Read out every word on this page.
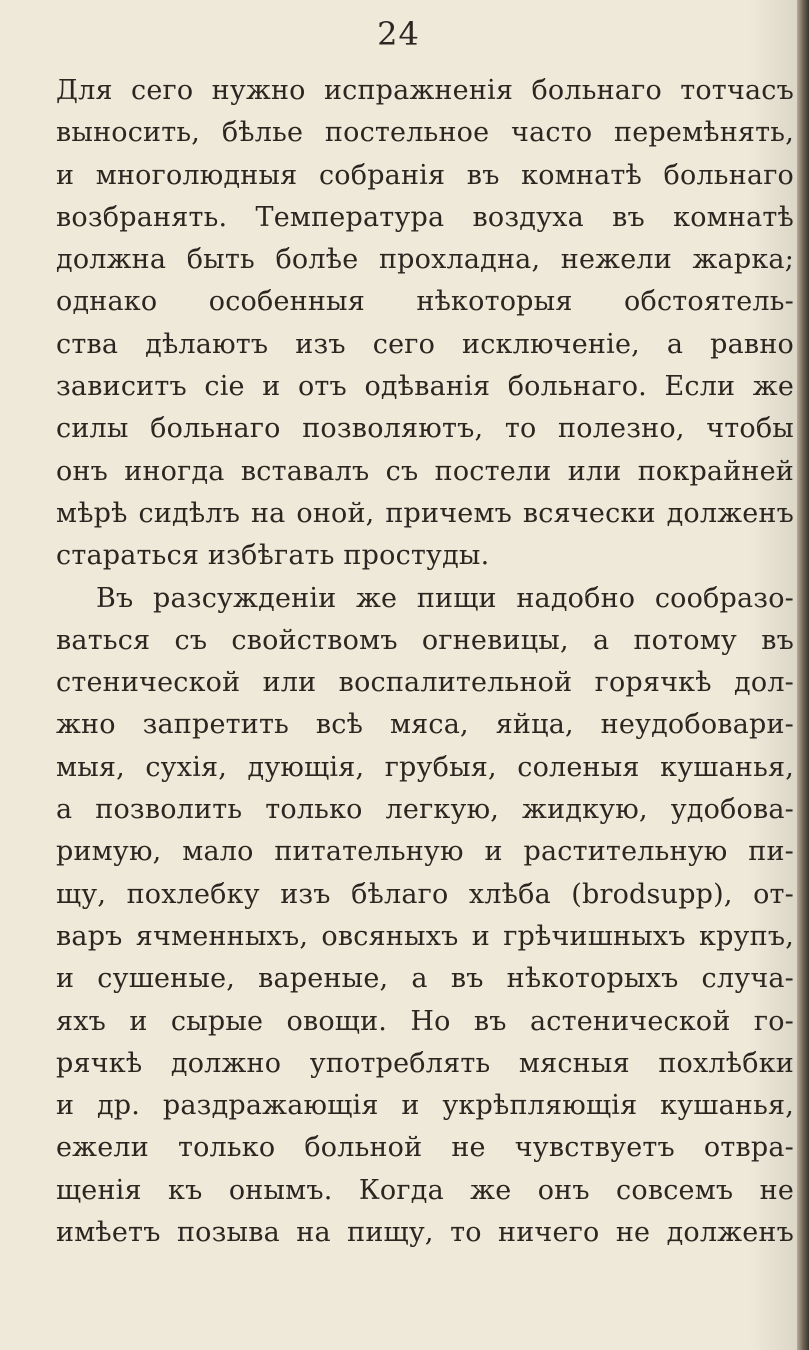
24
Для сего нужно испражненія больнаго тотчасъ
выносить, бѣлье постельное часто перемѣнять,
и многолюдныя собранія въ комнатѣ больнаго
возбранять. Температура воздуха въ комнатѣ
должна быть болѣе прохладна, нежели жарка;
однако особенныя нѣкоторыя обстоятель-
ства дѣлаютъ изъ сего исключеніе, а равно
зависитъ сіе и отъ одѣванія больнаго. Если же
силы больнаго позволяютъ, то полезно, чтобы
онъ иногда вставалъ съ постели или покрайней
мѣрѣ сидѣлъ на оной, причемъ всячески долженъ
стараться избѣгать простуды.
Въ разсужденіи же пищи надобно сообразо-
ваться съ свойствомъ огневицы, а потому въ
стенической или воспалительной горячкѣ дол-
жно запретить всѣ мяса, яйца, неудобовари-
мыя, сухія, дующія, грубыя, соленыя кушанья,
а позволить только легкую, жидкую, удобова-
римую, мало питательную и растительную пи-
щу, похлебку изъ бѣлаго хлѣба (brodsupp), от-
варъ ячменныхъ, овсяныхъ и грѣчишныхъ крупъ,
и сушеные, вареные, а въ нѣкоторыхъ случа-
яхъ и сырые овощи. Но въ астенической го-
рячкѣ должно употреблять мясныя похлѣбки
и др. раздражающія и укрѣпляющія кушанья,
ежели только больной не чувствуетъ отвра-
щенія къ онымъ. Когда же онъ совсемъ не
имѣетъ позыва на пищу, то ничего не долженъ
